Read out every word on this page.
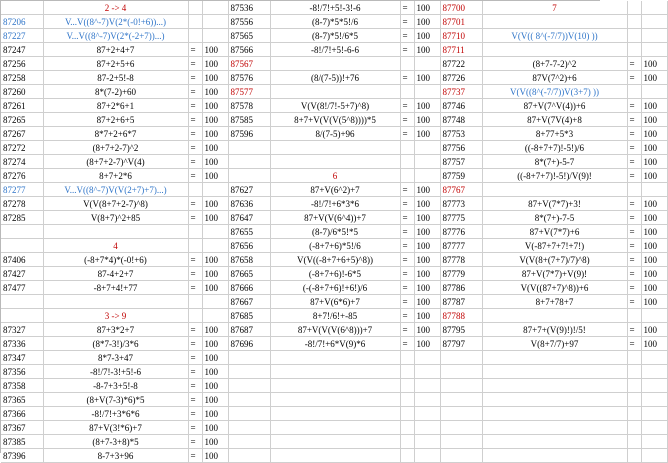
	2 -> 4			87536	-8!/7!+5!-3!-6	=	100	87700	7		
87206	V...V((8^-7)V(2*(-0!+6))...)			87556	(8-7)*5*5!/6	=	100	87701			
87227	V...V((8^-7)V(2*(-2+7))...)			87565	(8-7)*5!/6*5	=	100	87710	V(V(( 8^(-7/7))V(10) ))		
87247	87+2+4+7	=	100	87566	-8!/7!+5!-6-6	=	100	87711			
87256	87+2+5+6	=	100	87567				87722	(8+7-7-2)^2	=	100
87258	87-2+5!-8	=	100	87576	(8/(7-5))!+76	=	100	87726	87V(7^2)+6	=	100
87260	8*(7-2)+60	=	100	87577				87737	V(V((8^(-7/7))V(3+7) ))		
87261	87+2*6+1	=	100	87578	V(V(8!/7!-5+7)^8)	=	100	87746	87+V(7^V(4))+6	=	100
87265	87+2+6+5	=	100	87585	8+7+V(V(V(5^8))))*5	=	100	87748	87+V(7V(4)+8	=	100
87267	8*7+2+6*7	=	100	87596	8/(7-5)+96	=	100	87753	8+77+5*3	=	100
87272	(8+7+2-7)^2	=	100					87756	((-8+7+7)!-5!)/6	=	100
87274	(8+7+2-7)^V(4)	=	100					87757	8*(7+)-5-7	=	100
87276	8+7+2*6	=	100		6			87759	((-8+7+7)!-5!)/V(9)!	=	100
87277	V...V((8^-7)V(V(2+7)+7)...)			87627	87+V(6^2)+7	=	100	87767			
87278	V(V(8+7+2-7)^8)	=	100	87636	-8!/7!+6*3*6	=	100	87773	87+V(7*7)+3!	=	100
87285	V(8+7)^2+85	=	100	87647	87+V(V(6^4))+7	=	100	87775	8*(7+)-7-5	=	100
				87655	(8-7)/6*5!*5	=	100	87776	87+V(7*7)+6	=	100
	4			87656	(-8+7+6)*5!/6	=	100	87777	V(-87+7+7!+7!)	=	100
87406	(-8+7*4)*(-0!+6)	=	100	87658	V(V((-8+7+6+5)^8))	=	100	87778	V(V(8+(7+7)/7)^8)	=	100
87427	87-4+2+7	=	100	87665	(-8+7+6)!-6*5	=	100	87779	87+V(7*7)+V(9)!	=	100
87477	-8+7+4!+77	=	100	87666	(-(-8+7+6)!+6!)/6	=	100	87786	V(V((87+7)^8))+6	=	100
				87667	87+V(6*6)+7	=	100	87787	8+7+78+7	=	100
	3 -> 9			87685	8+7!/6!+-85	=	100	87788			
87327	87+3*2+7	=	100	87687	87+V(V(V(6^8)))+7	=	100	87795	87+7+(V(9)!)!/5!	=	100
87336	(8*7-3!)/3*6	=	100	87696	-8!/7!+6*V(9)*6	=	100	87797	V(8+7/7)+97	=	100
87347	8*7-3+47	=	100								
87356	-8!/7!-3!+5!-6	=	100								
87358	-8-7+3+5!-8	=	100								
87365	(8+V(7-3)*6)*5	=	100								
87366	-8!/7!+3*6*6	=	100								
87367	87+V(3!*6)+7	=	100								
87385	(8+7-3+8)*5	=	100								
87396	8-7+3+96	=	100								
